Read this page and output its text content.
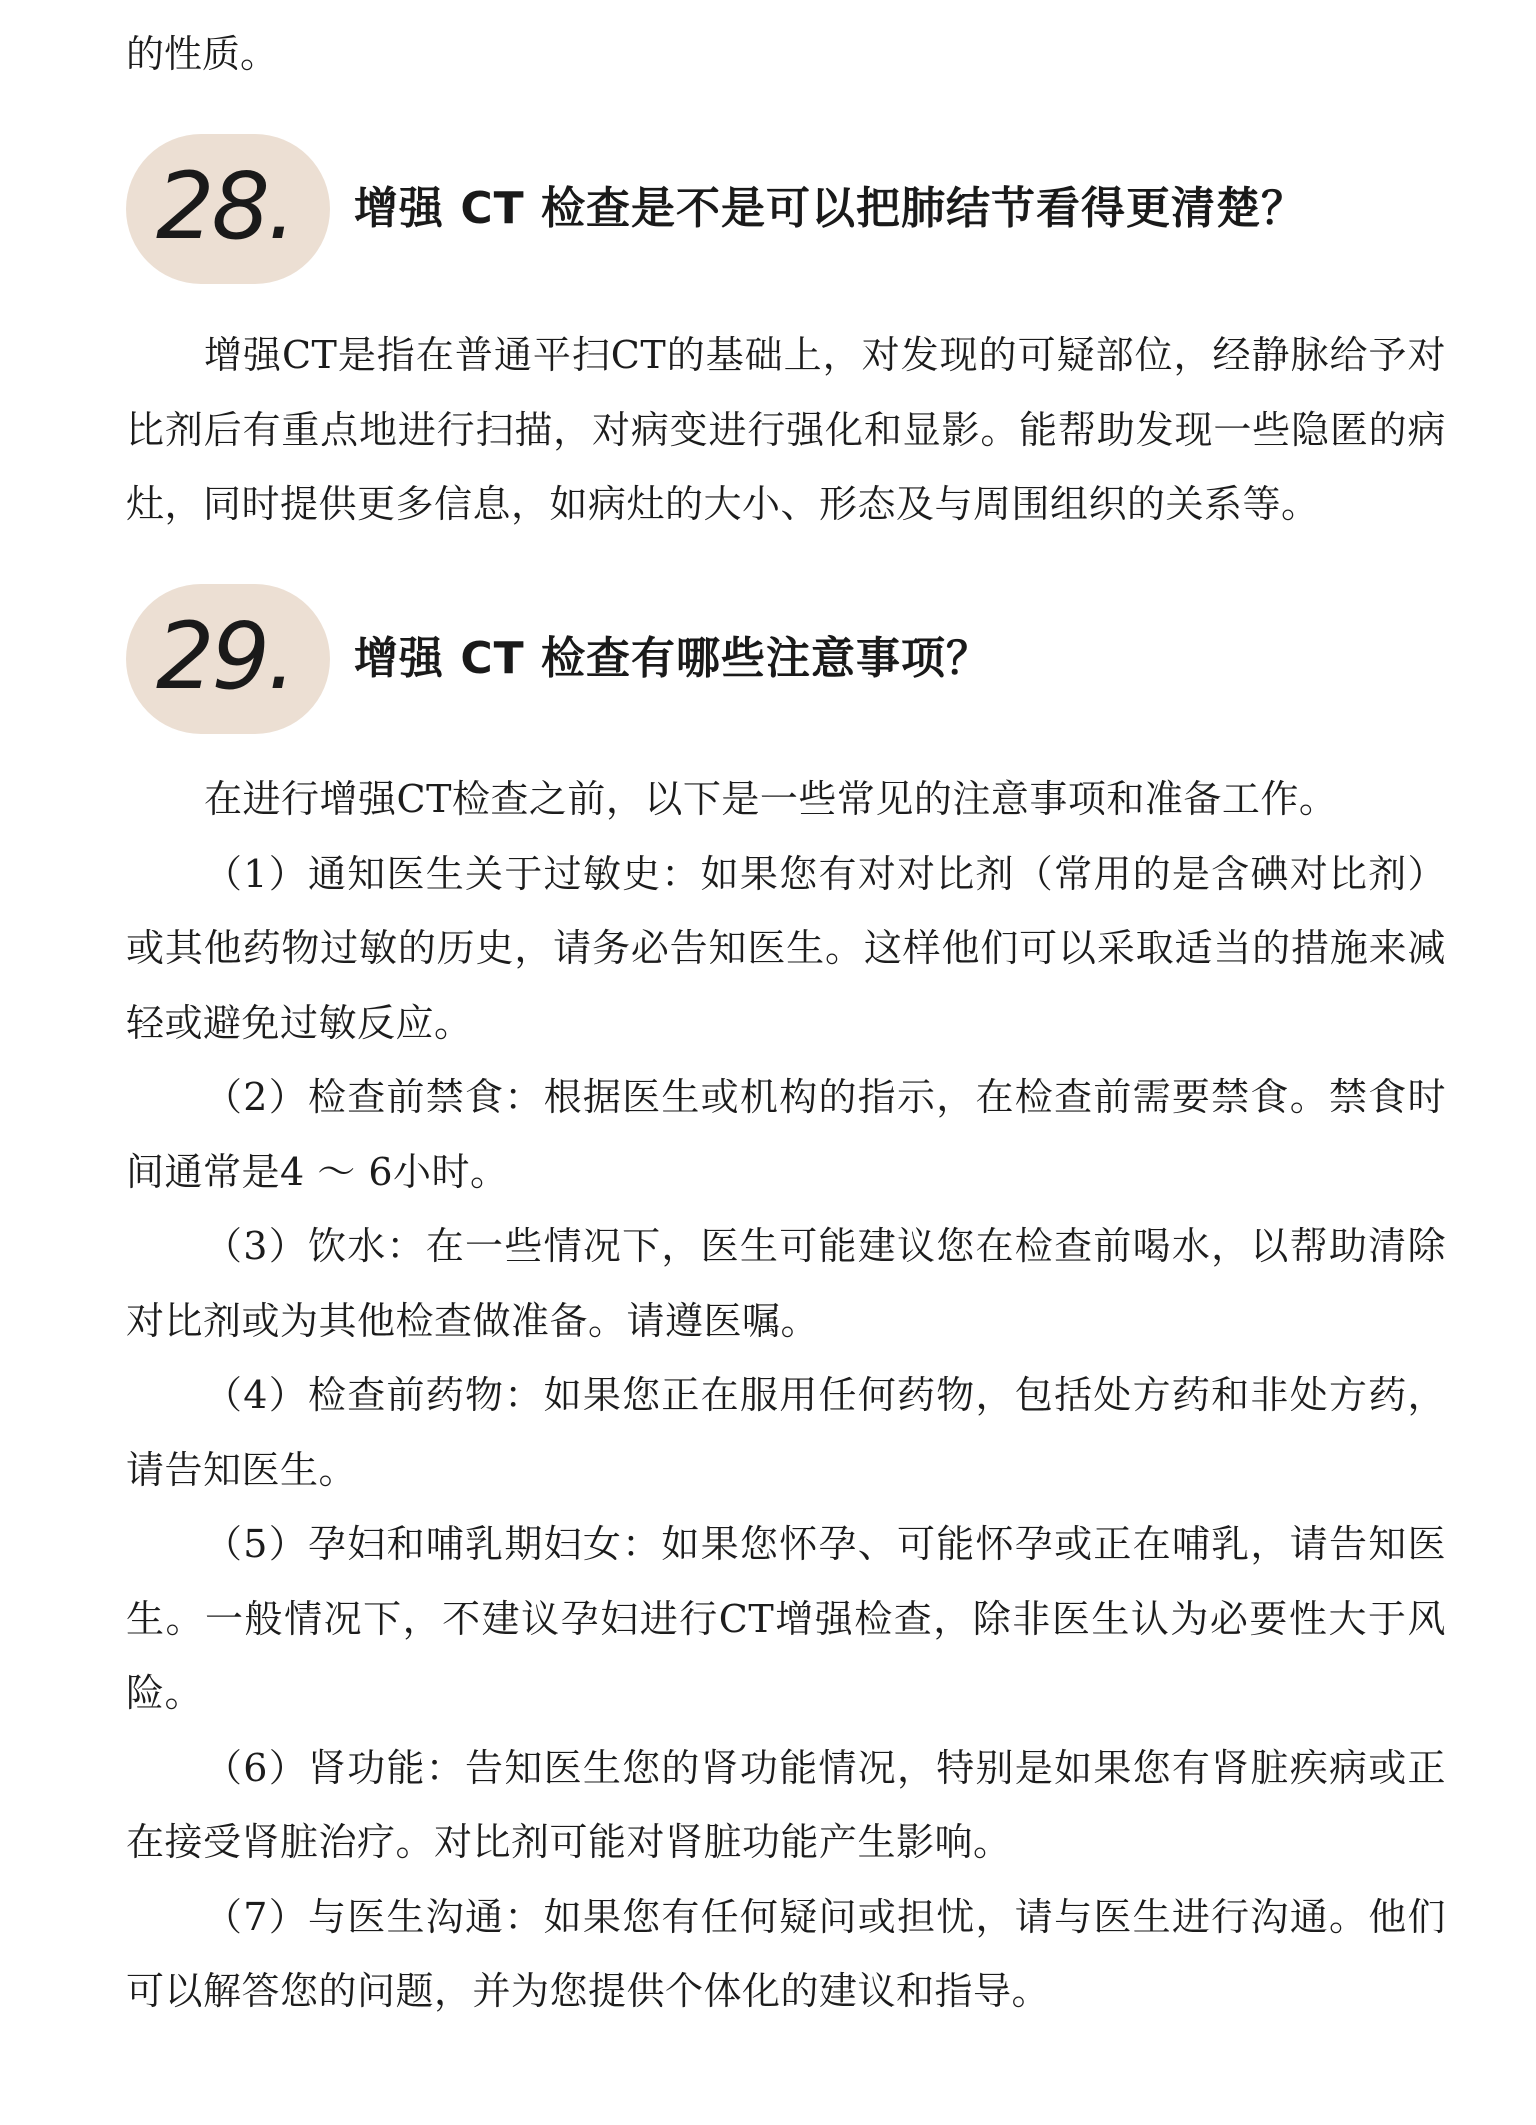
的性质。
28. 增强 CT 检查是不是可以把肺结节看得更清楚？

增强CT是指在普通平扫CT的基础上，对发现的可疑部位，经静脉给予对比剂后有重点地进行扫描，对病变进行强化和显影。能帮助发现一些隐匿的病灶，同时提供更多信息，如病灶的大小、形态及与周围组织的关系等。

29. 增强 CT 检查有哪些注意事项？

在进行增强CT检查之前，以下是一些常见的注意事项和准备工作。

（1）通知医生关于过敏史：如果您有对对比剂（常用的是含碘对比剂）或其他药物过敏的历史，请务必告知医生。这样他们可以采取适当的措施来减轻或避免过敏反应。

（2）检查前禁食：根据医生或机构的指示，在检查前需要禁食。禁食时间通常是4 ～ 6小时。

（3）饮水：在一些情况下，医生可能建议您在检查前喝水，以帮助清除对比剂或为其他检查做准备。请遵医嘱。

（4）检查前药物：如果您正在服用任何药物，包括处方药和非处方药，请告知医生。

（5）孕妇和哺乳期妇女：如果您怀孕、可能怀孕或正在哺乳，请告知医生。一般情况下，不建议孕妇进行CT增强检查，除非医生认为必要性大于风险。

（6）肾功能：告知医生您的肾功能情况，特别是如果您有肾脏疾病或正在接受肾脏治疗。对比剂可能对肾脏功能产生影响。

（7）与医生沟通：如果您有任何疑问或担忧，请与医生进行沟通。他们可以解答您的问题，并为您提供个体化的建议和指导。
